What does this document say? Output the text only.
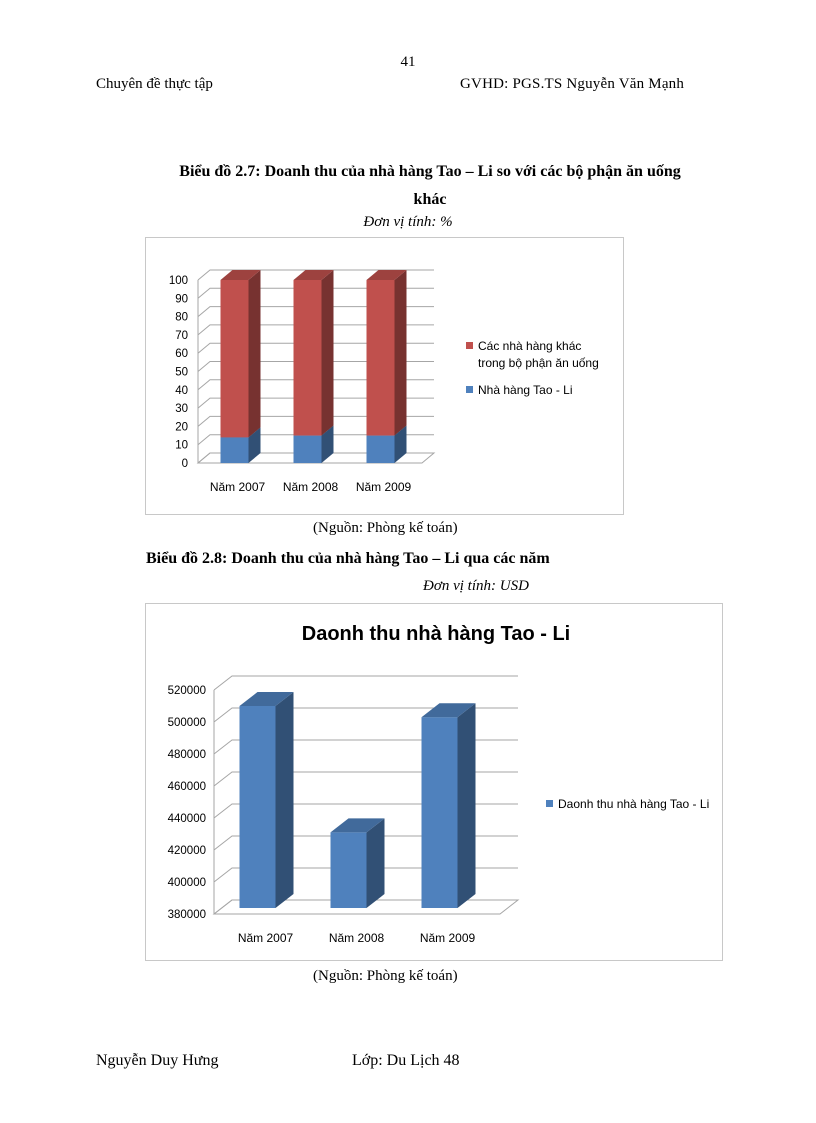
41
Chuyên đề thực tập	GVHD: PGS.TS Nguyễn Văn Mạnh
Biểu đồ 2.7: Doanh thu của nhà hàng Tao – Li so với các bộ phận ăn uống
khác
Đơn vị tính: %
0
10
20
30
40
50
60
70
80
90
100
Năm 2007 Năm 2008 Năm 2009
Các nhà hàng khác
trong bộ phận ăn uống
Nhà hàng Tao - Li
(Nguồn: Phòng kế toán)
Biểu đồ 2.8: Doanh thu của nhà hàng Tao – Li qua các năm
Đơn vị tính: USD
Daonh thu nhà hàng Tao - Li
380000
400000
420000
440000
460000
480000
500000
520000
Năm 2007	Năm 2008	Năm 2009
Daonh thu nhà hàng Tao - Li
(Nguồn: Phòng kế toán)
Nguyễn Duy Hưng	Lớp: Du Lịch 48
